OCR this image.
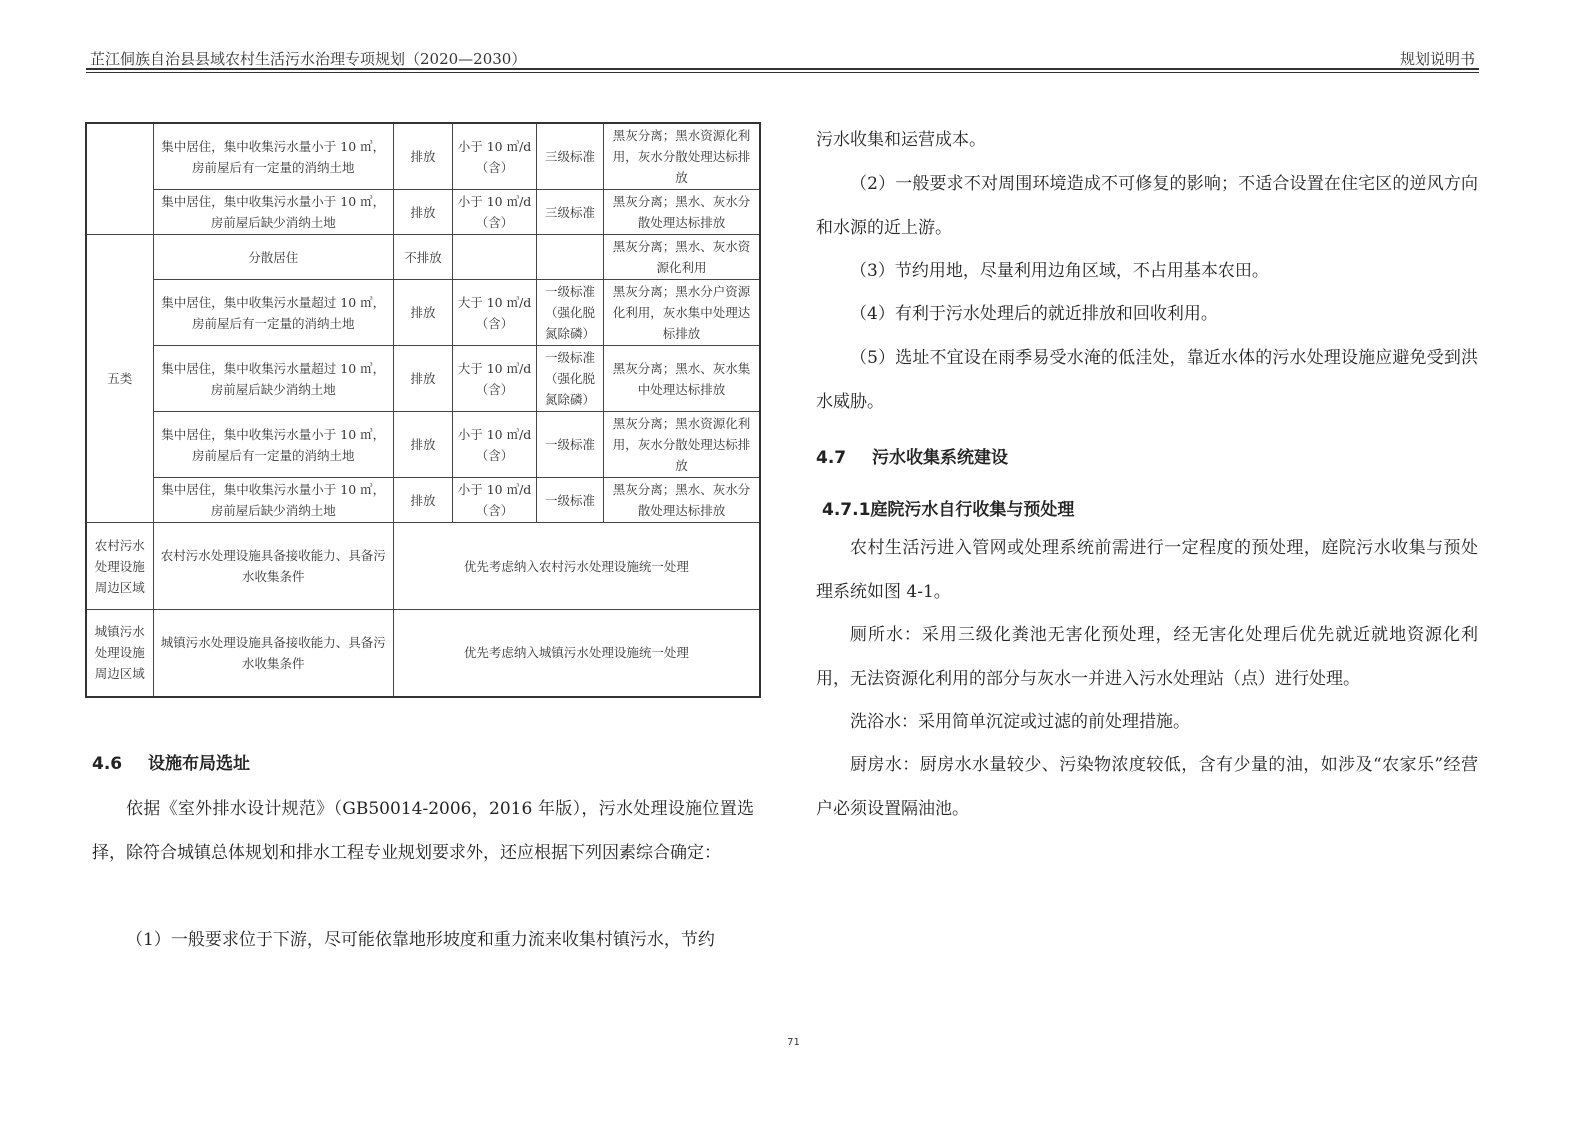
芷江侗族自治县县域农村生活污水治理专项规划（2020—2030）	规划说明书
	集中居住，集中收集污水量小于 10 ㎥，房前屋后有一定量的消纳土地	排放	小于 10 ㎥/d（含）	三级标准	黑灰分离；黑水资源化利用，灰水分散处理达标排放
	集中居住，集中收集污水量小于 10 ㎥，房前屋后缺少消纳土地	排放	小于 10 ㎥/d（含）	三级标准	黑灰分离；黑水、灰水分散处理达标排放
五类	分散居住	不排放			黑灰分离；黑水、灰水资源化利用
	集中居住，集中收集污水量超过 10 ㎥，房前屋后有一定量的消纳土地	排放	大于 10 ㎥/d（含）	一级标准（强化脱氮除磷）	黑灰分离；黑水分户资源化利用，灰水集中处理达标排放
	集中居住，集中收集污水量超过 10 ㎥，房前屋后缺少消纳土地	排放	大于 10 ㎥/d（含）	一级标准（强化脱氮除磷）	黑灰分离；黑水、灰水集中处理达标排放
	集中居住，集中收集污水量小于 10 ㎥，房前屋后有一定量的消纳土地	排放	小于 10 ㎥/d（含）	一级标准	黑灰分离；黑水资源化利用，灰水分散处理达标排放
	集中居住，集中收集污水量小于 10 ㎥，房前屋后缺少消纳土地	排放	小于 10 ㎥/d（含）	一级标准	黑灰分离；黑水、灰水分散处理达标排放
农村污水处理设施周边区域	农村污水处理设施具备接收能力、具备污水收集条件	优先考虑纳入农村污水处理设施统一处理			
城镇污水处理设施周边区域	城镇污水处理设施具备接收能力、具备污水收集条件	优先考虑纳入城镇污水处理设施统一处理			
4.6 设施布局选址
依据《室外排水设计规范》（GB50014-2006，2016 年版），污水处理设施位置选择，除符合城镇总体规划和排水工程专业规划要求外，还应根据下列因素综合确定：
（1）一般要求位于下游，尽可能依靠地形坡度和重力流来收集村镇污水，节约
污水收集和运营成本。
（2）一般要求不对周围环境造成不可修复的影响；不适合设置在住宅区的逆风方向和水源的近上游。
（3）节约用地，尽量利用边角区域，不占用基本农田。
（4）有利于污水处理后的就近排放和回收利用。
（5）选址不宜设在雨季易受水淹的低洼处，靠近水体的污水处理设施应避免受到洪水威胁。
4.7 污水收集系统建设
4.7.1庭院污水自行收集与预处理
农村生活污进入管网或处理系统前需进行一定程度的预处理，庭院污水收集与预处理系统如图 4-1。
厕所水：采用三级化粪池无害化预处理，经无害化处理后优先就近就地资源化利用，无法资源化利用的部分与灰水一并进入污水处理站（点）进行处理。
洗浴水：采用简单沉淀或过滤的前处理措施。
厨房水：厨房水水量较少、污染物浓度较低，含有少量的油，如涉及“农家乐”经营户必须设置隔油池。
71
